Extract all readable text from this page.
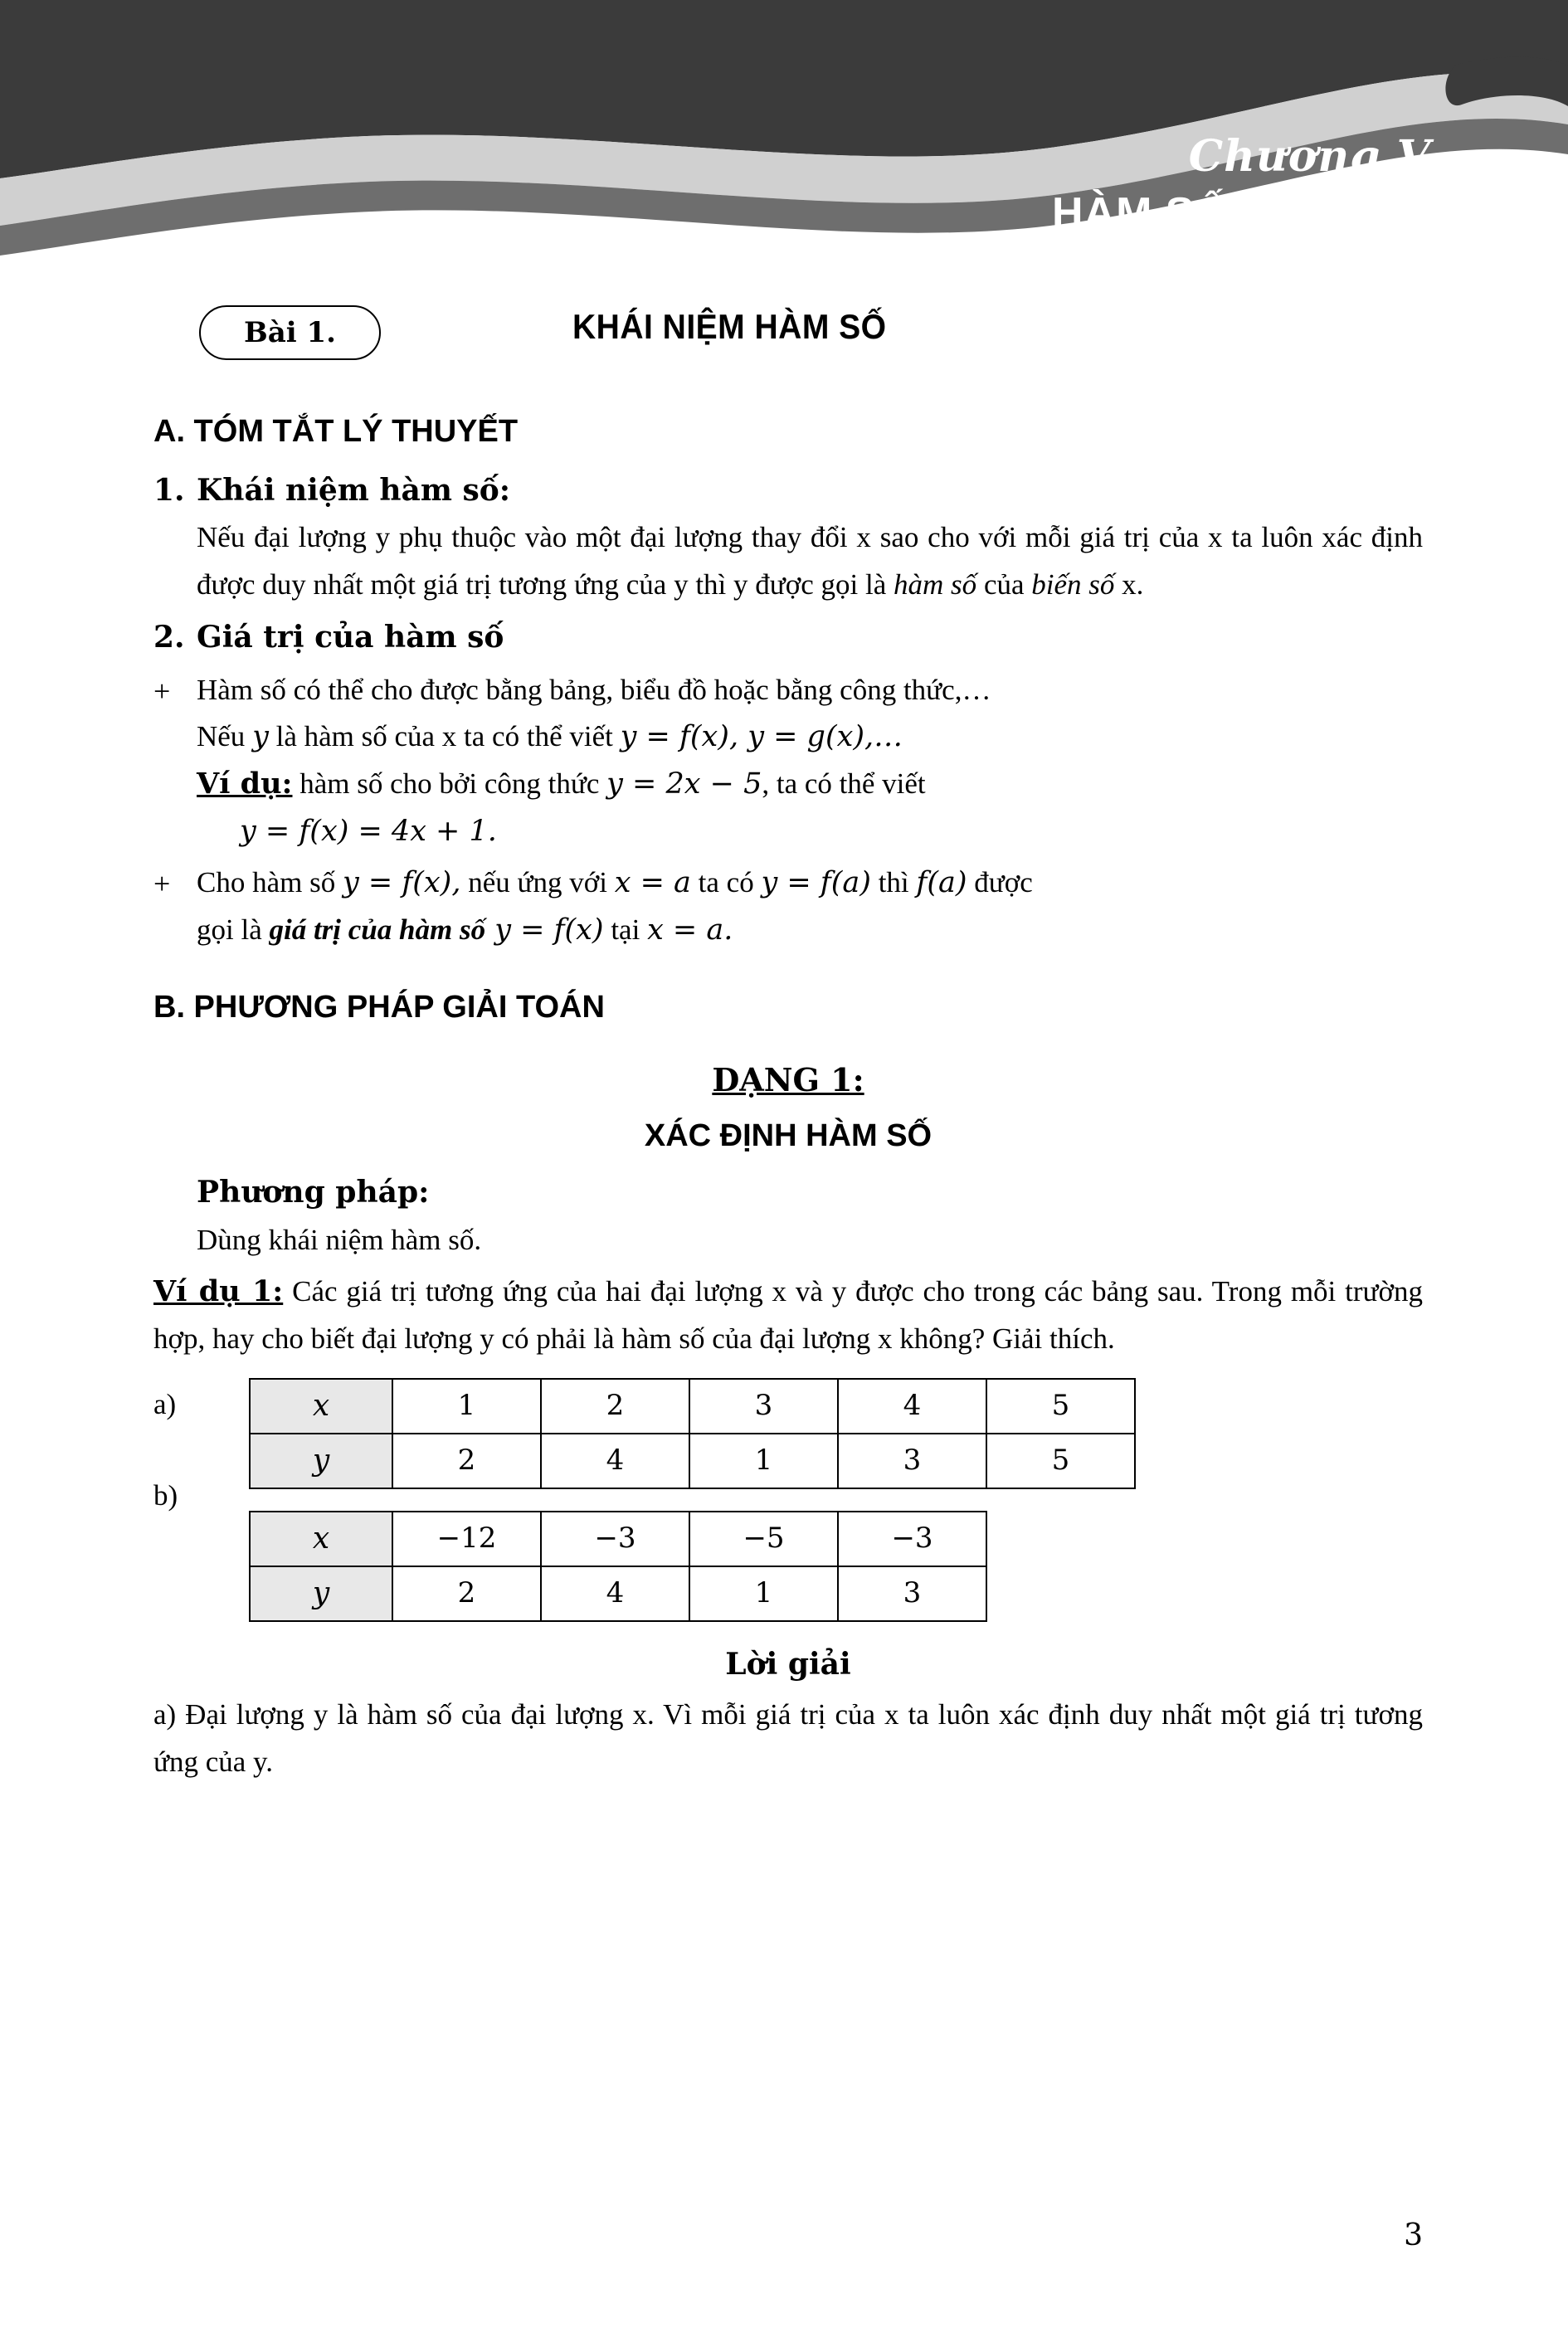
Chương V
HÀM SỐ – ĐỒ THỊ
Bài 1.	KHÁI NIỆM HÀM SỐ
A. TÓM TẮT LÝ THUYẾT
1. Khái niệm hàm số:
Nếu đại lượng y phụ thuộc vào một đại lượng thay đổi x sao cho với mỗi giá trị của x ta luôn xác định được duy nhất một giá trị tương ứng của y thì y được gọi là hàm số của biến số x.
2. Giá trị của hàm số
+ Hàm số có thể cho được bằng bảng, biểu đồ hoặc bằng công thức,…
Nếu y là hàm số của x ta có thể viết y = f(x), y = g(x),…
Ví dụ: hàm số cho bởi công thức y = 2x − 5, ta có thể viết
y = f(x) = 4x + 1.
+ Cho hàm số y = f(x), nếu ứng với x = a ta có y = f(a) thì f(a) được
gọi là giá trị của hàm số y = f(x) tại x = a.
B. PHƯƠNG PHÁP GIẢI TOÁN
DẠNG 1:
XÁC ĐỊNH HÀM SỐ
Phương pháp:
Dùng khái niệm hàm số.
Ví dụ 1: Các giá trị tương ứng của hai đại lượng x và y được cho trong các bảng sau. Trong mỗi trường hợp, hay cho biết đại lượng y có phải là hàm số của đại lượng x không? Giải thích.
a)	x	1	2	3	4	5
y	2	4	1	3	5
b)
x	−12	−3	−5	−3
y	2	4	1	3
Lời giải
a) Đại lượng y là hàm số của đại lượng x. Vì mỗi giá trị của x ta luôn xác định duy nhất một giá trị tương ứng của y.
3
